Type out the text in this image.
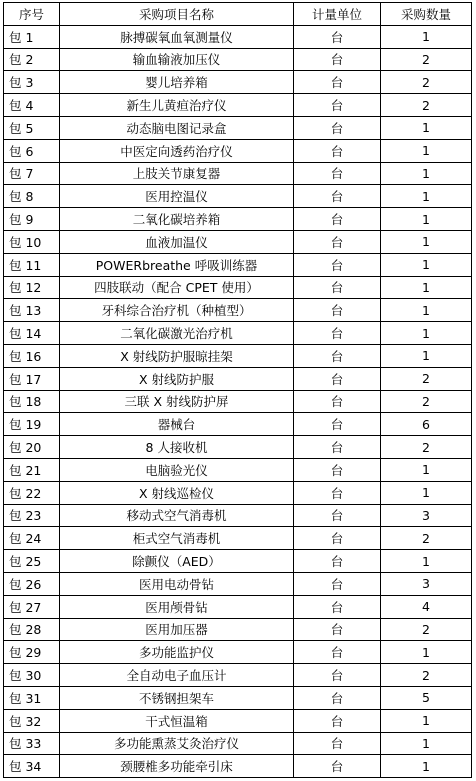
序号	采购项目名称	计量单位	采购数量
包 1	脉搏碳氧血氧测量仪	台	1
包 2	输血输液加压仪	台	2
包 3	婴儿培养箱	台	2
包 4	新生儿黄疸治疗仪	台	2
包 5	动态脑电图记录盒	台	1
包 6	中医定向透药治疗仪	台	1
包 7	上肢关节康复器	台	1
包 8	医用控温仪	台	1
包 9	二氧化碳培养箱	台	1
包 10	血液加温仪	台	1
包 11	POWERbreathe 呼吸训练器	台	1
包 12	四肢联动（配合 CPET 使用）	台	1
包 13	牙科综合治疗机（种植型）	台	1
包 14	二氧化碳激光治疗机	台	1
包 16	X 射线防护服晾挂架	台	1
包 17	X 射线防护服	台	2
包 18	三联 X 射线防护屏	台	2
包 19	器械台	台	6
包 20	8 人接收机	台	2
包 21	电脑验光仪	台	1
包 22	X 射线巡检仪	台	1
包 23	移动式空气消毒机	台	3
包 24	柜式空气消毒机	台	2
包 25	除颤仪（AED）	台	1
包 26	医用电动骨钻	台	3
包 27	医用颅骨钻	台	4
包 28	医用加压器	台	2
包 29	多功能监护仪	台	1
包 30	全自动电子血压计	台	2
包 31	不锈钢担架车	台	5
包 32	干式恒温箱	台	1
包 33	多功能熏蒸艾灸治疗仪	台	1
包 34	颈腰椎多功能牵引床	台	1
